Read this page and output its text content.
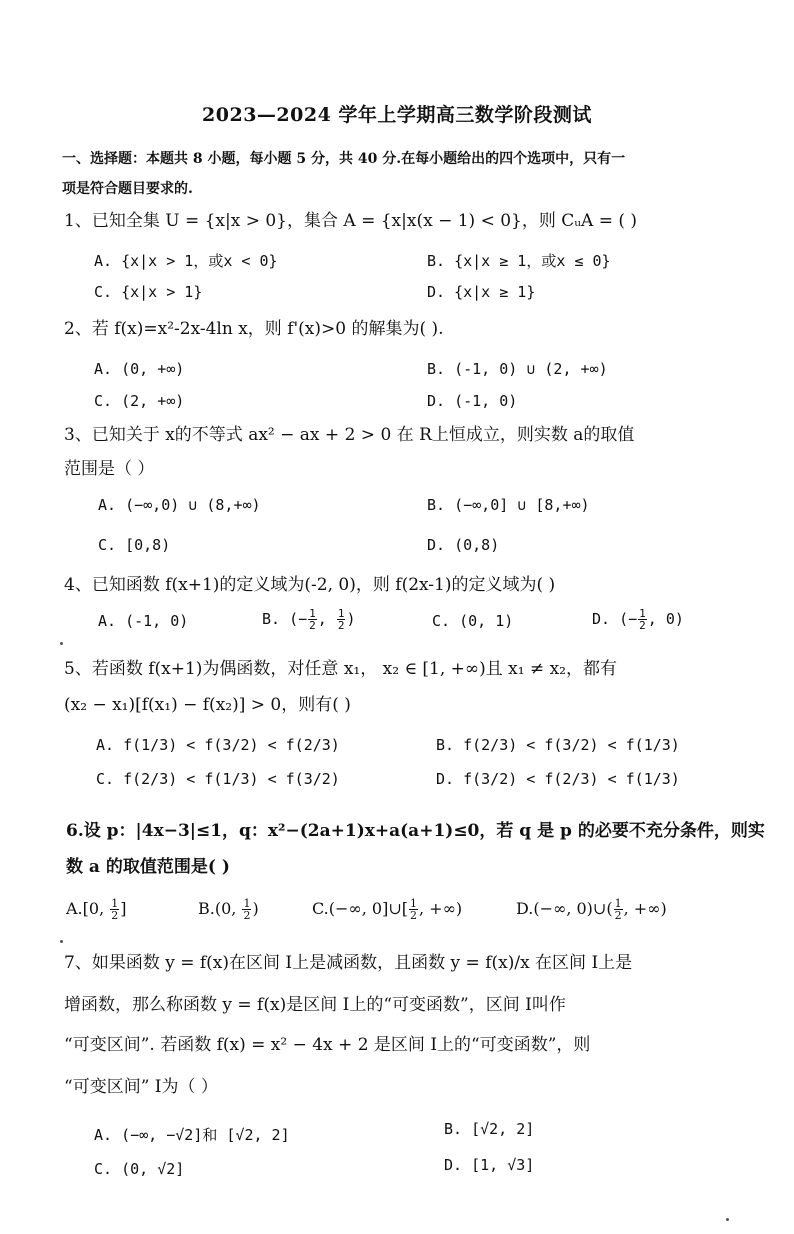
2023—2024 学年上学期高三数学阶段测试
一、选择题：本题共 8 小题，每小题 5 分，共 40 分.在每小题给出的四个选项中，只有一
项是符合题目要求的.
1、已知全集 U = {x|x > 0}，集合 A = {x|x(x − 1) < 0}，则 CᵤA = ( )
A. {x|x > 1，或x < 0}	B. {x|x ≥ 1，或x ≤ 0}
C. {x|x > 1}	D. {x|x ≥ 1}
2、若 f(x)=x²-2x-4ln x，则 f'(x)>0 的解集为( ).
A. (0, +∞)	B. (-1, 0) ∪ (2, +∞)
C. (2, +∞)	D. (-1, 0)
3、已知关于 x的不等式 ax² − ax + 2 > 0 在 R上恒成立，则实数 a的取值
范围是（ ）
A. (−∞,0) ∪ (8,+∞)	B. (−∞,0] ∪ [8,+∞)
C. [0,8)	D. (0,8)
4、已知函数 f(x+1)的定义域为(-2, 0)，则 f(2x-1)的定义域为( )
A. (-1, 0)	B. (− $\frac{1}{2}$ , $\frac{1}{2}$ )	C. (0, 1)	D. (− $\frac{1}{2}$ , 0)
5、若函数 f(x+1)为偶函数，对任意 x₁， x₂ ∈ [1, +∞)且 x₁ ≠ x₂，都有
(x₂ − x₁)[f(x₁) − f(x₂)] > 0，则有( )
A. f(1/3) < f(3/2) < f(2/3)	B. f(2/3) < f(3/2) < f(1/3)
C. f(2/3) < f(1/3) < f(3/2)	D. f(3/2) < f(2/3) < f(1/3)
6.设 p：|4x−3|≤1，q：x²−(2a+1)x+a(a+1)≤0，若 q 是 p 的必要不充分条件，则实
数 a 的取值范围是( )
A.[0, $\frac{1}{2}$ ]	B.(0, $\frac{1}{2}$ )	C.(−∞, 0]∪[ $\frac{1}{2}$ , +∞)	D.(−∞, 0)∪( $\frac{1}{2}$ , +∞)
7、如果函数 y = f(x)在区间 I上是减函数，且函数 y = f(x)/x 在区间 I上是
增函数，那么称函数 y = f(x)是区间 I上的“可变函数”，区间 I叫作
“可变区间”. 若函数 f(x) = x² − 4x + 2 是区间 I上的“可变函数”，则
“可变区间” I为（ ）
A. (−∞, −√2]和 [√2, 2]	B. [√2, 2]
C. (0, √2]	D. [1, √3]
